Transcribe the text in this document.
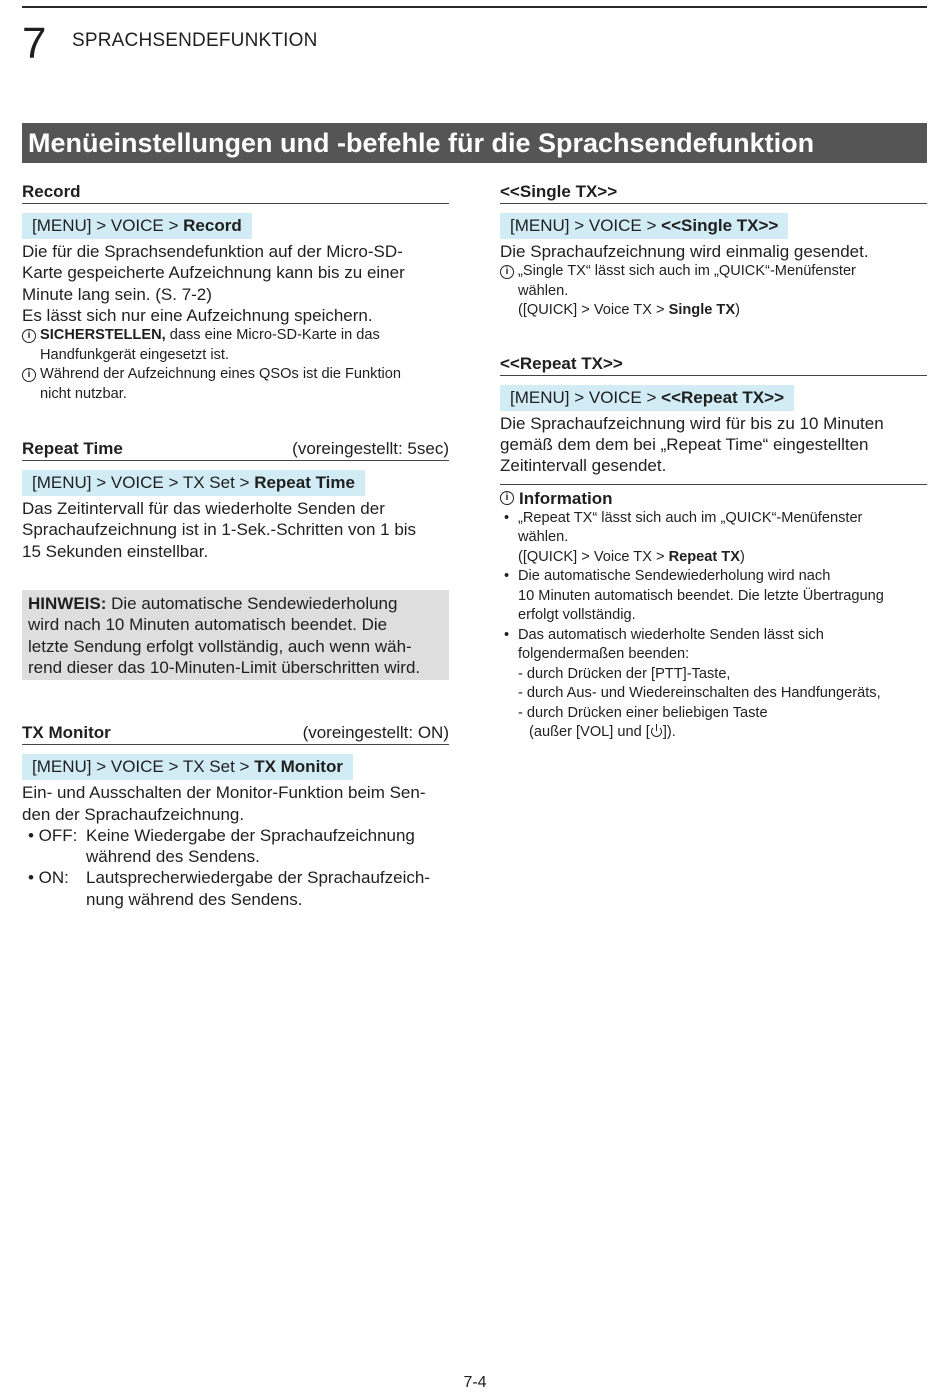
7 SPRACHSENDEFUNKTION
Menüeinstellungen und -befehle für die Sprachsendefunktion
Record
[MENU] > VOICE > Record

Die für die Sprachsendefunktion auf der Micro-SD-

Karte gespeicherte Aufzeichnung kann bis zu einer

Minute lang sein. (S. 7-2)

Es lässt sich nur eine Aufzeichnung speichern.

i SICHERSTELLEN, dass eine Micro-SD-Karte in das
Handfunkgerät eingesetzt ist.
i Während der Aufzeichnung eines QSOs ist die Funktion
nicht nutzbar.
Repeat Time	(voreingestellt: 5sec)
[MENU] > VOICE > TX Set > Repeat Time

Das Zeitintervall für das wiederholte Senden der

Sprachaufzeichnung ist in 1-Sek.-Schritten von 1 bis

15 Sekunden einstellbar.

HINWEIS: Die automatische Sendewiederholung
wird nach 10 Minuten automatisch beendet. Die
letzte Sendung erfolgt vollständig, auch wenn wäh-
rend dieser das 10-Minuten-Limit überschritten wird.
TX Monitor	(voreingestellt: ON)
[MENU] > VOICE > TX Set > TX Monitor

Ein- und Ausschalten der Monitor-Funktion beim Sen-

den der Sprachaufzeichnung.

• OFF: Keine Wiedergabe der Sprachaufzeichnung
während des Sendens.
• ON:	Lautsprecherwiedergabe der Sprachaufzeich-
nung während des Sendens.
<<Single TX>>
[MENU] > VOICE > <<Single TX>>

Die Sprachaufzeichnung wird einmalig gesendet.

i „Single TX“ lässt sich auch im „QUICK“-Menüfenster
wählen.
([QUICK] > Voice TX > Single TX)
<<Repeat TX>>
[MENU] > VOICE > <<Repeat TX>>

Die Sprachaufzeichnung wird für bis zu 10 Minuten

gemäß dem dem bei „Repeat Time“ eingestellten

Zeitintervall gesendet.

i Information
• „Repeat TX“ lässt sich auch im „QUICK“-Menüfenster
wählen.
([QUICK] > Voice TX > Repeat TX)
• Die automatische Sendewiederholung wird nach
10 Minuten automatisch beendet. Die letzte Übertragung
erfolgt vollständig.
• Das automatisch wiederholte Senden lässt sich
folgendermaßen beenden:
- durch Drücken der [PTT]-Taste,
- durch Aus- und Wiedereinschalten des Handfungeräts,
- durch Drücken einer beliebigen Taste
(außer [VOL] und [ ]).
7-4
